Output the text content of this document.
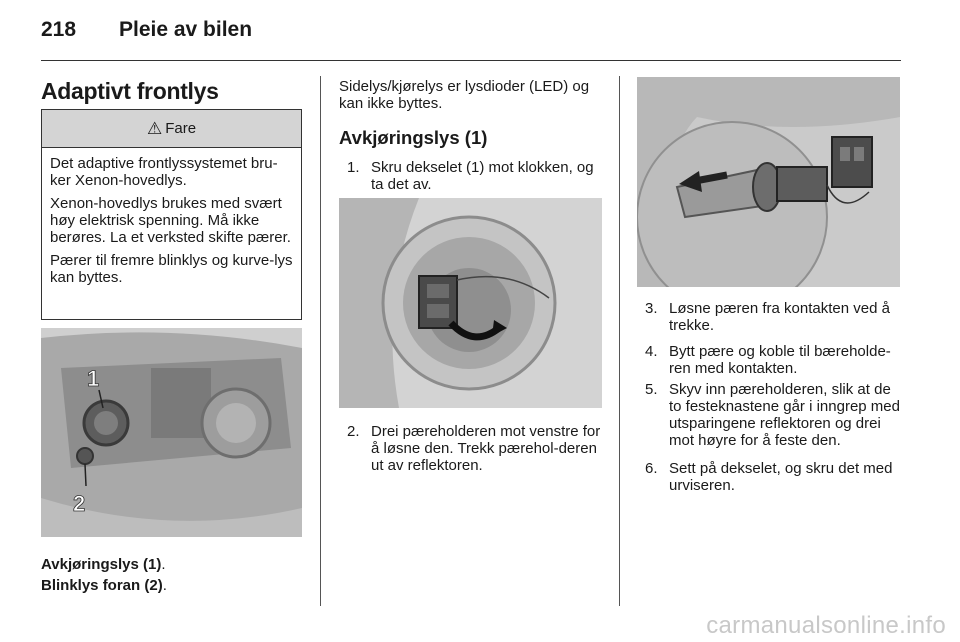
218	Pleie av bilen
Adaptivt frontlys
⚠ Fare

Det adaptive frontlyssystemet bru-ker Xenon-hovedlys.

Xenon-hovedlys brukes med svært høy elektrisk spenning. Må ikke berøres. La et verksted skifte pærer.

Pærer til fremre blinklys og kurve-lys kan byttes.

1
2
Avkjøringslys (1).
Blinklys foran (2).
Sidelys/kjørelys er lysdioder (LED) og kan ikke byttes.
Avkjøringslys (1)
1. Skru dekselet (1) mot klokken, og ta det av.
2. Drei pæreholderen mot venstre for å løsne den. Trekk pærehol-deren ut av reflektoren.
3. Løsne pæren fra kontakten ved å trekke.
4. Bytt pære og koble til bæreholde-ren med kontakten.
5. Skyv inn pæreholderen, slik at de to festeknastene går i inngrep med utsparingene reflektoren og drei mot høyre for å feste den.
6. Sett på dekselet, og skru det med urviseren.
carmanualsonline.info
